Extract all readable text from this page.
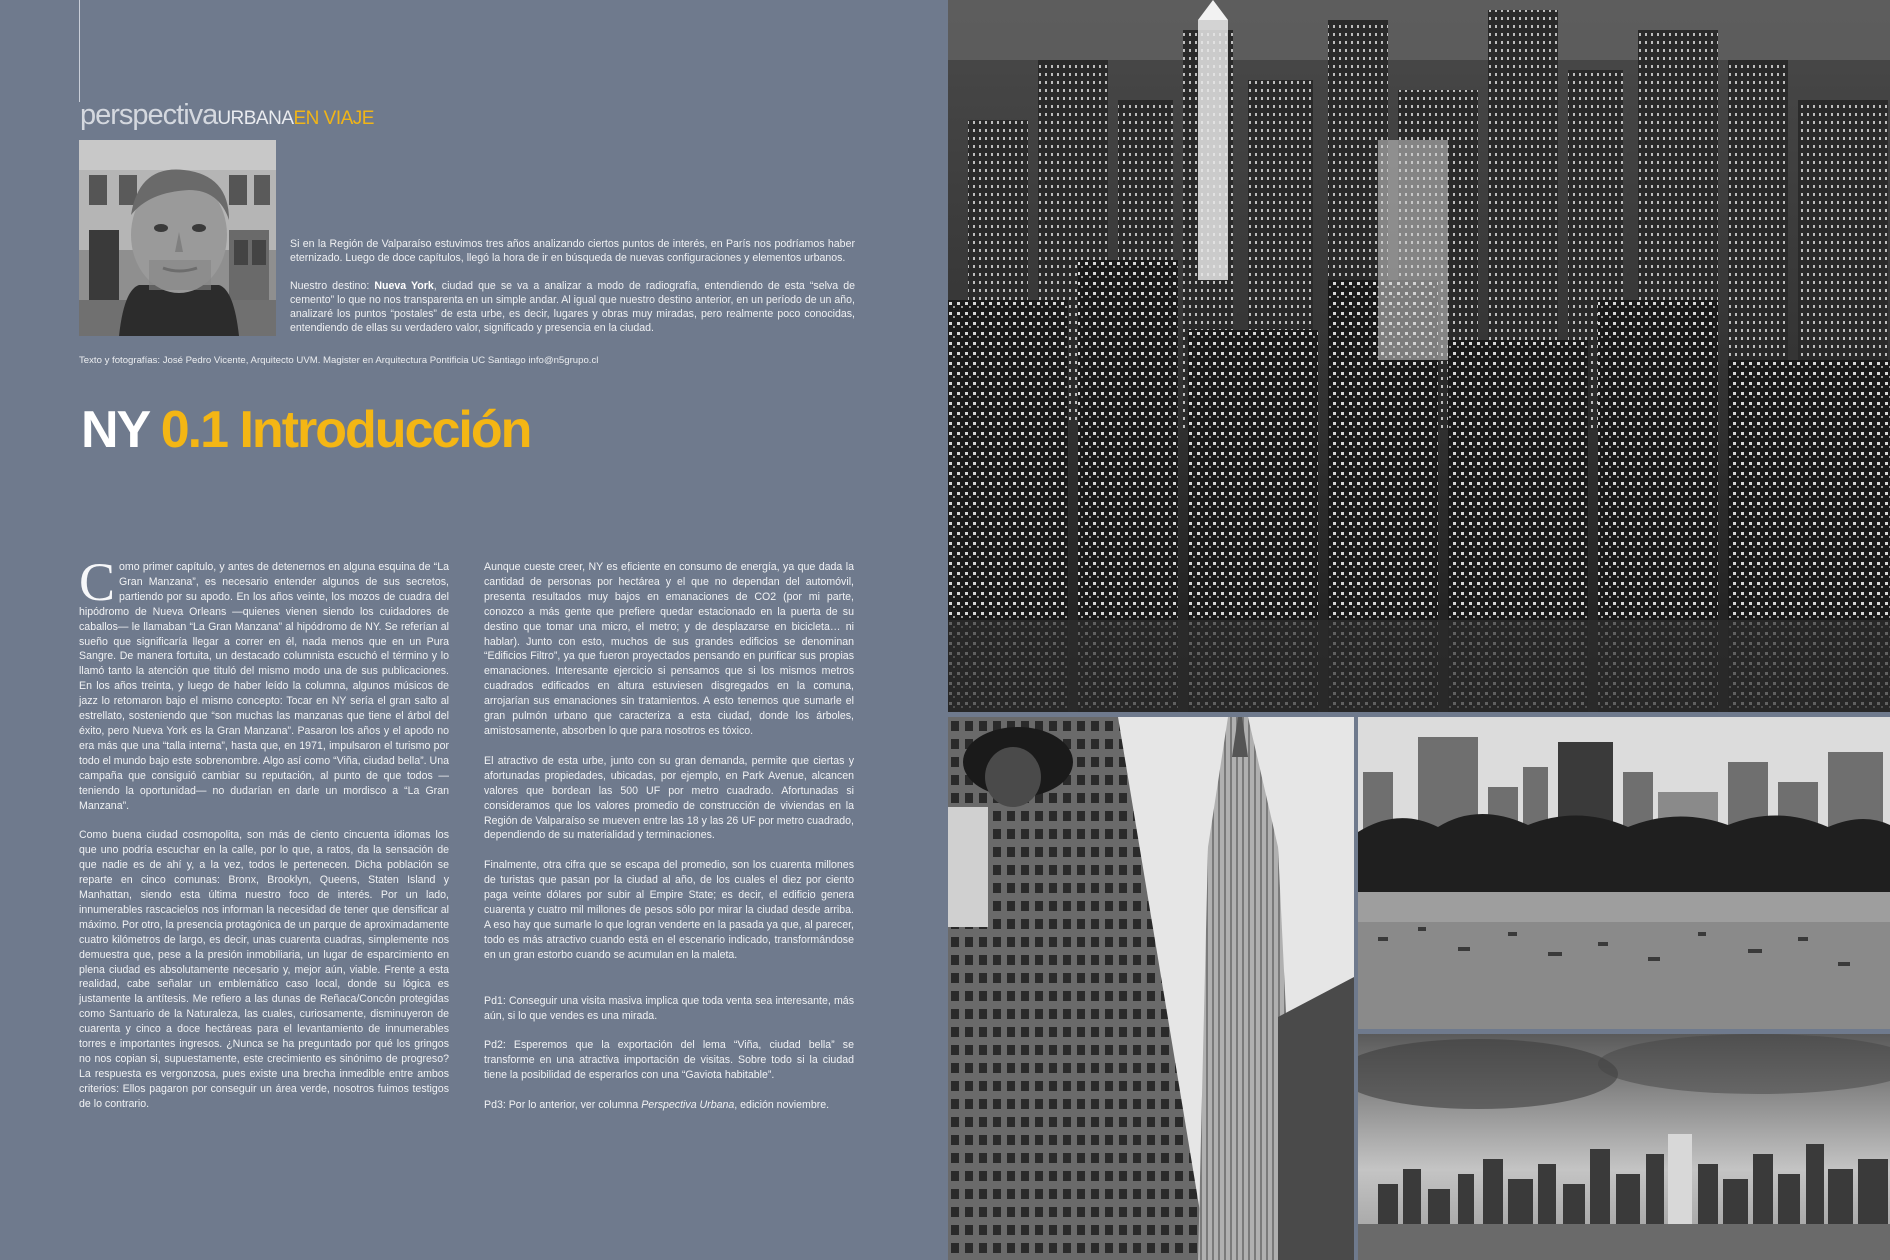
perspectivaURBANAEN VIAJE

Si en la Región de Valparaíso estuvimos tres años analizando ciertos puntos de interés, en París nos podríamos haber eternizado. Luego de doce capítulos, llegó la hora de ir en búsqueda de nuevas configuraciones y elementos urbanos.

Nuestro destino: Nueva York, ciudad que se va a analizar a modo de radiografía, entendiendo de esta “selva de cemento” lo que no nos transparenta en un simple andar. Al igual que nuestro destino anterior, en un período de un año, analizaré los puntos “postales” de esta urbe, es decir, lugares y obras muy miradas, pero realmente poco conocidas, entendiendo de ellas su verdadero valor, significado y presencia en la ciudad.

Texto y fotografías: José Pedro Vicente, Arquitecto UVM. Magister en Arquitectura Pontificia UC Santiago info@n5grupo.cl
NY 0.1 Introducción

Como primer capítulo, y antes de detenernos en alguna esquina de “La Gran Manzana”, es necesario entender algunos de sus secretos, partiendo por su apodo. En los años veinte, los mozos de cuadra del hipódromo de Nueva Orleans —quienes vienen siendo los cuidadores de caballos— le llamaban “La Gran Manzana” al hipódromo de NY. Se referían al sueño que significaría llegar a correr en él, nada menos que en un Pura Sangre. De manera fortuita, un destacado columnista escuchó el término y lo llamó tanto la atención que tituló del mismo modo una de sus publicaciones. En los años treinta, y luego de haber leído la columna, algunos músicos de jazz lo retomaron bajo el mismo concepto: Tocar en NY sería el gran salto al estrellato, sosteniendo que “son muchas las manzanas que tiene el árbol del éxito, pero Nueva York es la Gran Manzana”. Pasaron los años y el apodo no era más que una “talla interna”, hasta que, en 1971, impulsaron el turismo por todo el mundo bajo este sobrenombre. Algo así como “Viña, ciudad bella”. Una campaña que consiguió cambiar su reputación, al punto de que todos —teniendo la oportunidad— no dudarían en darle un mordisco a “La Gran Manzana”.

Como buena ciudad cosmopolita, son más de ciento cincuenta idiomas los que uno podría escuchar en la calle, por lo que, a ratos, da la sensación de que nadie es de ahí y, a la vez, todos le pertenecen. Dicha población se reparte en cinco comunas: Bronx, Brooklyn, Queens, Staten Island y Manhattan, siendo esta última nuestro foco de interés. Por un lado, innumerables rascacielos nos informan la necesidad de tener que densificar al máximo. Por otro, la presencia protagónica de un parque de aproximadamente cuatro kilómetros de largo, es decir, unas cuarenta cuadras, simplemente nos demuestra que, pese a la presión inmobiliaria, un lugar de esparcimiento en plena ciudad es absolutamente necesario y, mejor aún, viable. Frente a esta realidad, cabe señalar un emblemático caso local, donde su lógica es justamente la antítesis. Me refiero a las dunas de Reñaca/Concón protegidas como Santuario de la Naturaleza, las cuales, curiosamente, disminuyeron de cuarenta y cinco a doce hectáreas para el levantamiento de innumerables torres e importantes ingresos. ¿Nunca se ha preguntado por qué los gringos no nos copian si, supuestamente, este crecimiento es sinónimo de progreso? La respuesta es vergonzosa, pues existe una brecha inmedible entre ambos criterios: Ellos pagaron por conseguir un área verde, nosotros fuimos testigos de lo contrario.

Aunque cueste creer, NY es eficiente en consumo de energía, ya que dada la cantidad de personas por hectárea y el que no dependan del automóvil, presenta resultados muy bajos en emanaciones de CO2 (por mi parte, conozco a más gente que prefiere quedar estacionado en la puerta de su destino que tomar una micro, el metro; y de desplazarse en bicicleta… ni hablar). Junto con esto, muchos de sus grandes edificios se denominan “Edificios Filtro”, ya que fueron proyectados pensando en purificar sus propias emanaciones. Interesante ejercicio si pensamos que si los mismos metros cuadrados edificados en altura estuviesen disgregados en la comuna, arrojarían sus emanaciones sin tratamientos. A esto tenemos que sumarle el gran pulmón urbano que caracteriza a esta ciudad, donde los árboles, amistosamente, absorben lo que para nosotros es tóxico.

El atractivo de esta urbe, junto con su gran demanda, permite que ciertas y afortunadas propiedades, ubicadas, por ejemplo, en Park Avenue, alcancen valores que bordean las 500 UF por metro cuadrado. Afortunadas si consideramos que los valores promedio de construcción de viviendas en la Región de Valparaíso se mueven entre las 18 y las 26 UF por metro cuadrado, dependiendo de su materialidad y terminaciones.

Finalmente, otra cifra que se escapa del promedio, son los cuarenta millones de turistas que pasan por la ciudad al año, de los cuales el diez por ciento paga veinte dólares por subir al Empire State; es decir, el edificio genera cuarenta y cuatro mil millones de pesos sólo por mirar la ciudad desde arriba. A eso hay que sumarle lo que logran venderte en la pasada ya que, al parecer, todo es más atractivo cuando está en el escenario indicado, transformándose en un gran estorbo cuando se acumulan en la maleta.

Pd1: Conseguir una visita masiva implica que toda venta sea interesante, más aún, si lo que vendes es una mirada.

Pd2: Esperemos que la exportación del lema “Viña, ciudad bella” se transforme en una atractiva importación de visitas. Sobre todo si la ciudad tiene la posibilidad de esperarlos con una “Gaviota habitable”.

Pd3: Por lo anterior, ver columna Perspectiva Urbana, edición noviembre.
